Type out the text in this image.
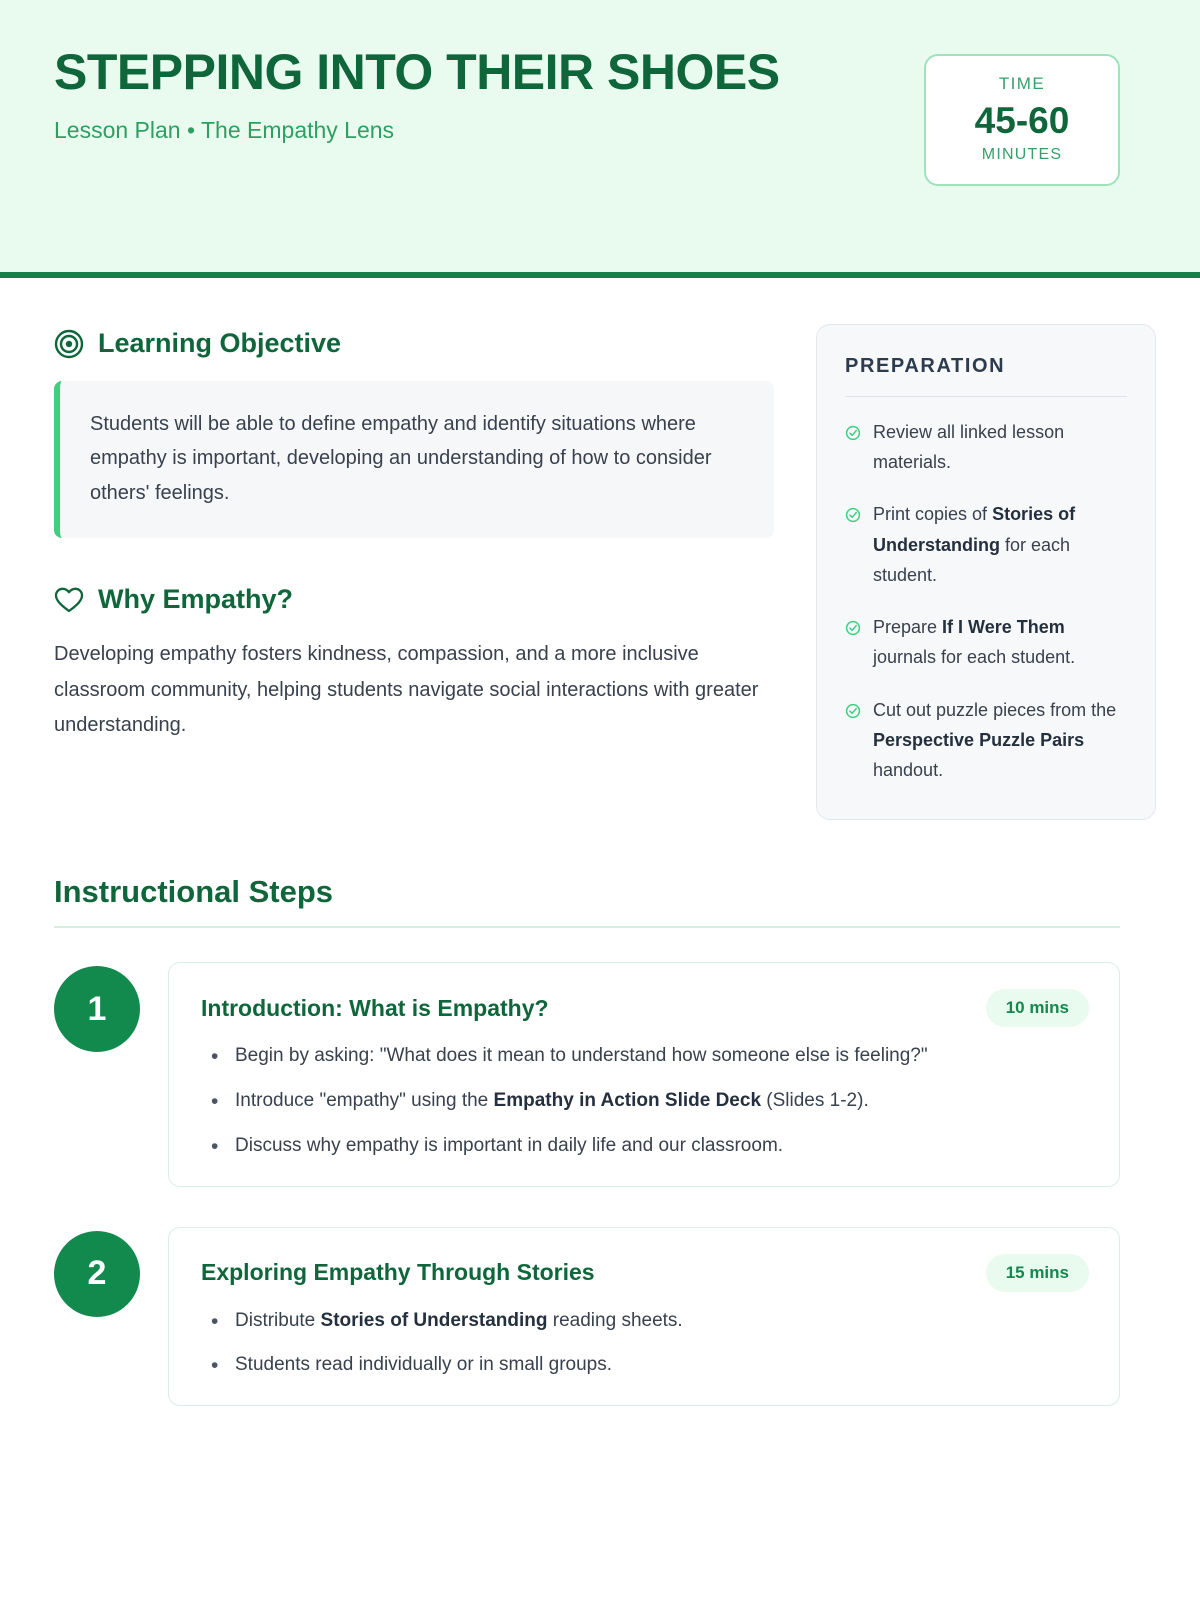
STEPPING INTO THEIR SHOES
Lesson Plan • The Empathy Lens
TIME
45-60
MINUTES
Learning Objective

Students will be able to define empathy and identify situations where empathy is important, developing an understanding of how to consider others' feelings.

Why Empathy?

Developing empathy fosters kindness, compassion, and a more inclusive classroom community, helping students navigate social interactions with greater understanding.

PREPARATION
Review all linked lesson materials.
Print copies of Stories of Understanding for each student.
Prepare If I Were Them journals for each student.
Cut out puzzle pieces from the Perspective Puzzle Pairs handout.
Instructional Steps
1	Introduction: What is Empathy?	10 mins
• Begin by asking: "What does it mean to understand how someone else is feeling?"
• Introduce "empathy" using the Empathy in Action Slide Deck (Slides 1-2).
• Discuss why empathy is important in daily life and our classroom.
2	Exploring Empathy Through Stories	15 mins
• Distribute Stories of Understanding reading sheets.
• Students read individually or in small groups.
